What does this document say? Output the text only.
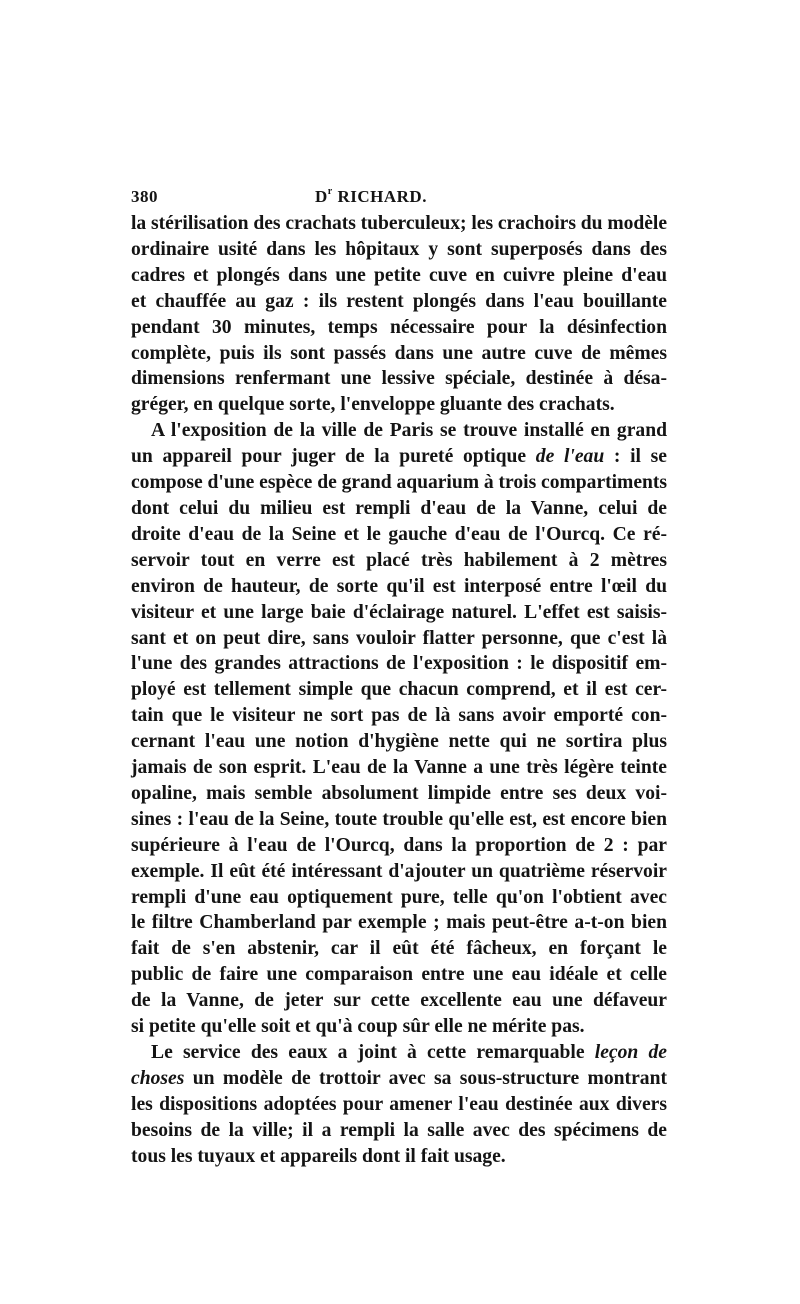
380	$D^r$ RICHARD.
la stérilisation des crachats tuberculeux; les crachoirs du modèle
ordinaire usité dans les hôpitaux y sont superposés dans des
cadres et plongés dans une petite cuve en cuivre pleine d'eau
et chauffée au gaz : ils restent plongés dans l'eau bouillante
pendant 30 minutes, temps nécessaire pour la désinfection
complète, puis ils sont passés dans une autre cuve de mêmes
dimensions renfermant une lessive spéciale, destinée à désa-
gréger, en quelque sorte, l'enveloppe gluante des crachats.
A l'exposition de la ville de Paris se trouve installé en grand
un appareil pour juger de la pureté optique de l'eau : il se
compose d'une espèce de grand aquarium à trois compartiments
dont celui du milieu est rempli d'eau de la Vanne, celui de
droite d'eau de la Seine et le gauche d'eau de l'Ourcq. Ce ré-
servoir tout en verre est placé très habilement à 2 mètres
environ de hauteur, de sorte qu'il est interposé entre l'œil du
visiteur et une large baie d'éclairage naturel. L'effet est saisis-
sant et on peut dire, sans vouloir flatter personne, que c'est là
l'une des grandes attractions de l'exposition : le dispositif em-
ployé est tellement simple que chacun comprend, et il est cer-
tain que le visiteur ne sort pas de là sans avoir emporté con-
cernant l'eau une notion d'hygiène nette qui ne sortira plus
jamais de son esprit. L'eau de la Vanne a une très légère teinte
opaline, mais semble absolument limpide entre ses deux voi-
sines : l'eau de la Seine, toute trouble qu'elle est, est encore bien
supérieure à l'eau de l'Ourcq, dans la proportion de 2 : par
exemple. Il eût été intéressant d'ajouter un quatrième réservoir
rempli d'une eau optiquement pure, telle qu'on l'obtient avec
le filtre Chamberland par exemple ; mais peut-être a-t-on bien
fait de s'en abstenir, car il eût été fâcheux, en forçant le
public de faire une comparaison entre une eau idéale et celle
de la Vanne, de jeter sur cette excellente eau une défaveur
si petite qu'elle soit et qu'à coup sûr elle ne mérite pas.
Le service des eaux a joint à cette remarquable leçon de
choses un modèle de trottoir avec sa sous-structure montrant
les dispositions adoptées pour amener l'eau destinée aux divers
besoins de la ville; il a rempli la salle avec des spécimens de
tous les tuyaux et appareils dont il fait usage.
